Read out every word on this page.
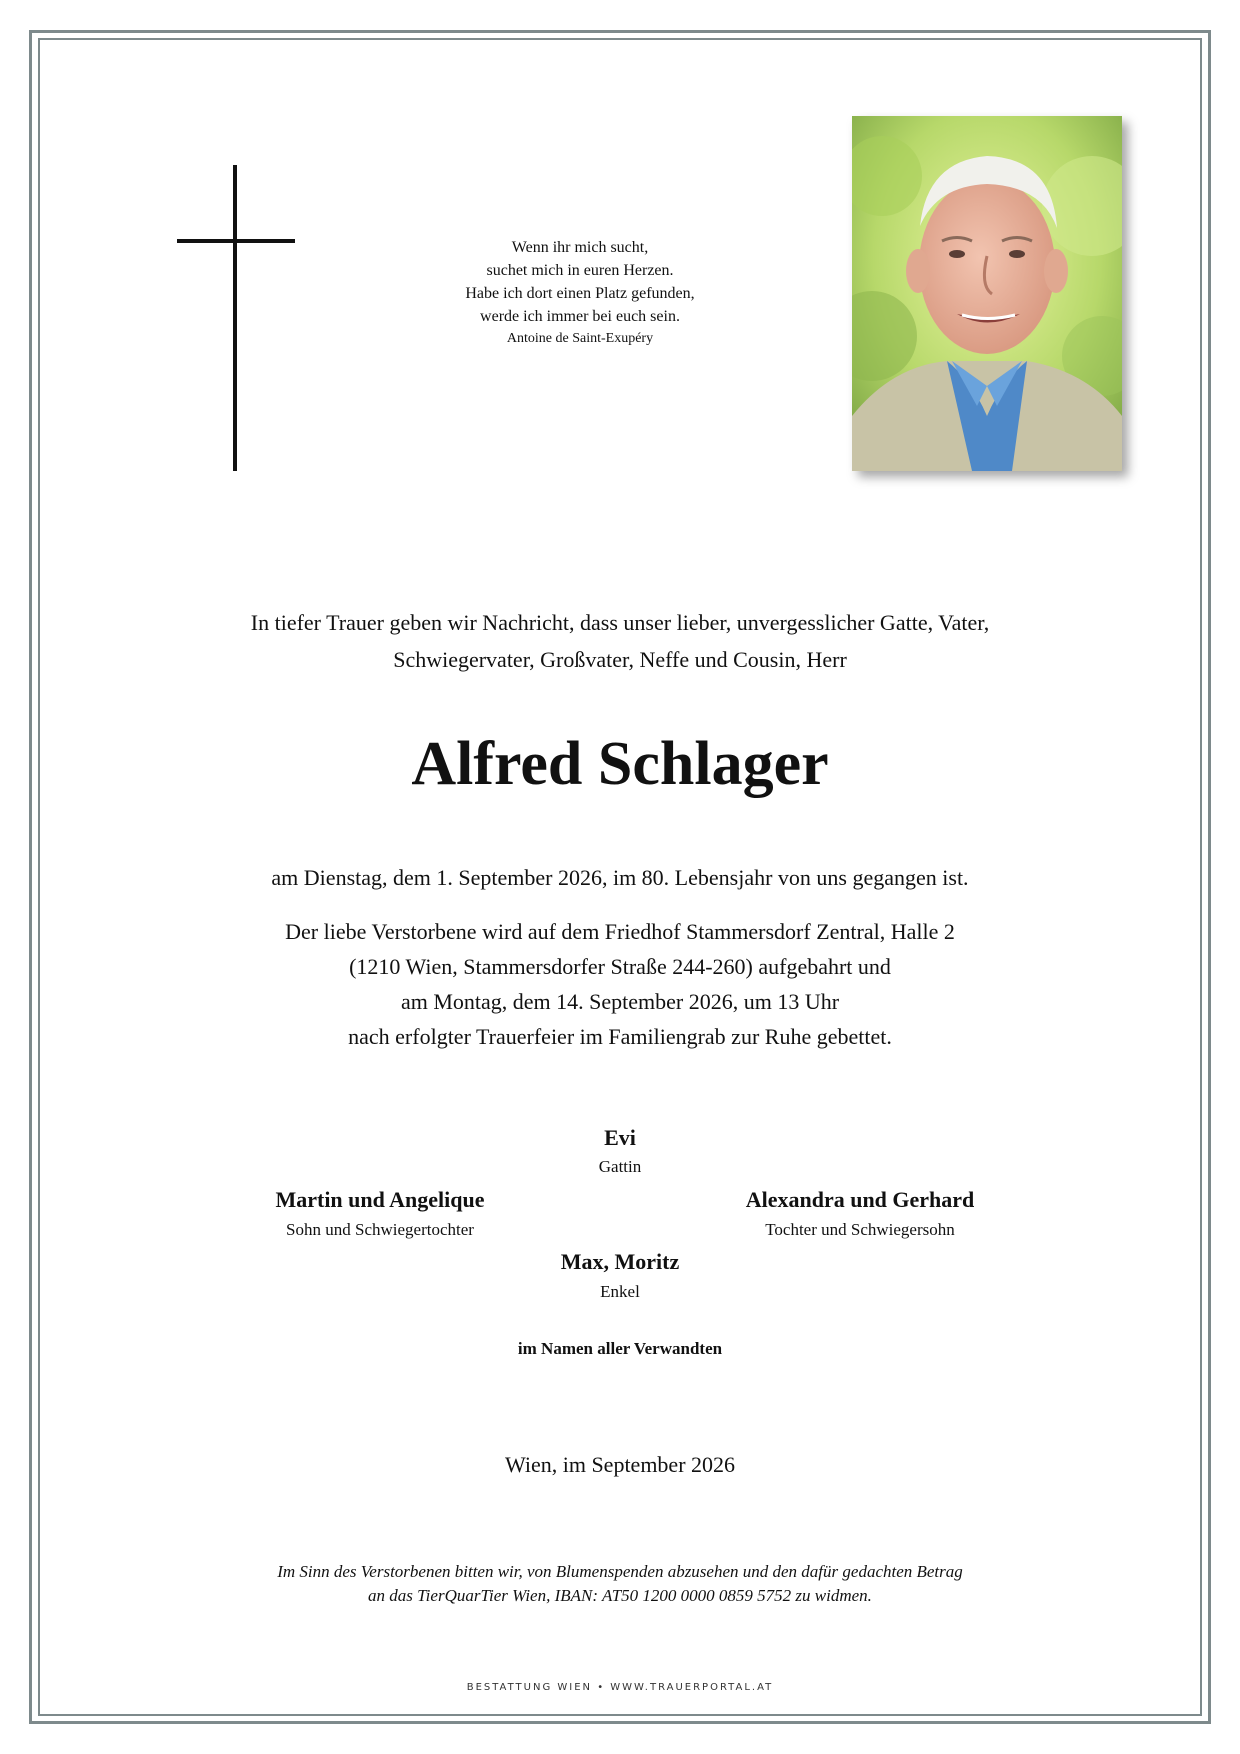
Wenn ihr mich sucht,
suchet mich in euren Herzen.
Habe ich dort einen Platz gefunden,
werde ich immer bei euch sein.
Antoine de Saint-Exupéry
In tiefer Trauer geben wir Nachricht, dass unser lieber, unvergesslicher Gatte, Vater,
Schwiegervater, Großvater, Neffe und Cousin, Herr
Alfred Schlager
am Dienstag, dem 1. September 2026, im 80. Lebensjahr von uns gegangen ist.
Der liebe Verstorbene wird auf dem Friedhof Stammersdorf Zentral, Halle 2
(1210 Wien, Stammersdorfer Straße 244-260) aufgebahrt und
am Montag, dem 14. September 2026, um 13 Uhr
nach erfolgter Trauerfeier im Familiengrab zur Ruhe gebettet.
Evi
Gattin
Martin und Angelique
Sohn und Schwiegertochter
Alexandra und Gerhard
Tochter und Schwiegersohn
Max, Moritz
Enkel
im Namen aller Verwandten
Wien, im September 2026
Im Sinn des Verstorbenen bitten wir, von Blumenspenden abzusehen und den dafür gedachten Betrag
an das TierQuarTier Wien, IBAN: AT50 1200 0000 0859 5752 zu widmen.
BESTATTUNG WIEN • WWW.TRAUERPORTAL.AT
